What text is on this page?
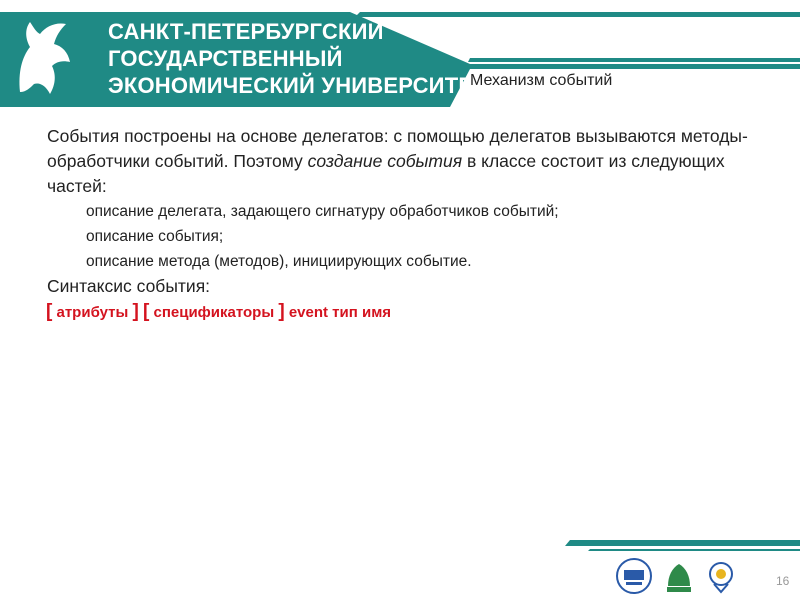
САНКТ-ПЕТЕРБУРГСКИЙ
ГОСУДАРСТВЕННЫЙ
ЭКОНОМИЧЕСКИЙ УНИВЕРСИТЕТ
Механизм событий
События построены на основе делегатов: с помощью делегатов вызываются методы-обработчики событий. Поэтому создание события в классе состоит из следующих частей:
описание делегата, задающего сигнатуру обработчиков событий;
описание события;
описание метода (методов), инициирующих событие.
Синтаксис события:
[ атрибуты ] [ спецификаторы ] event тип имя
16
